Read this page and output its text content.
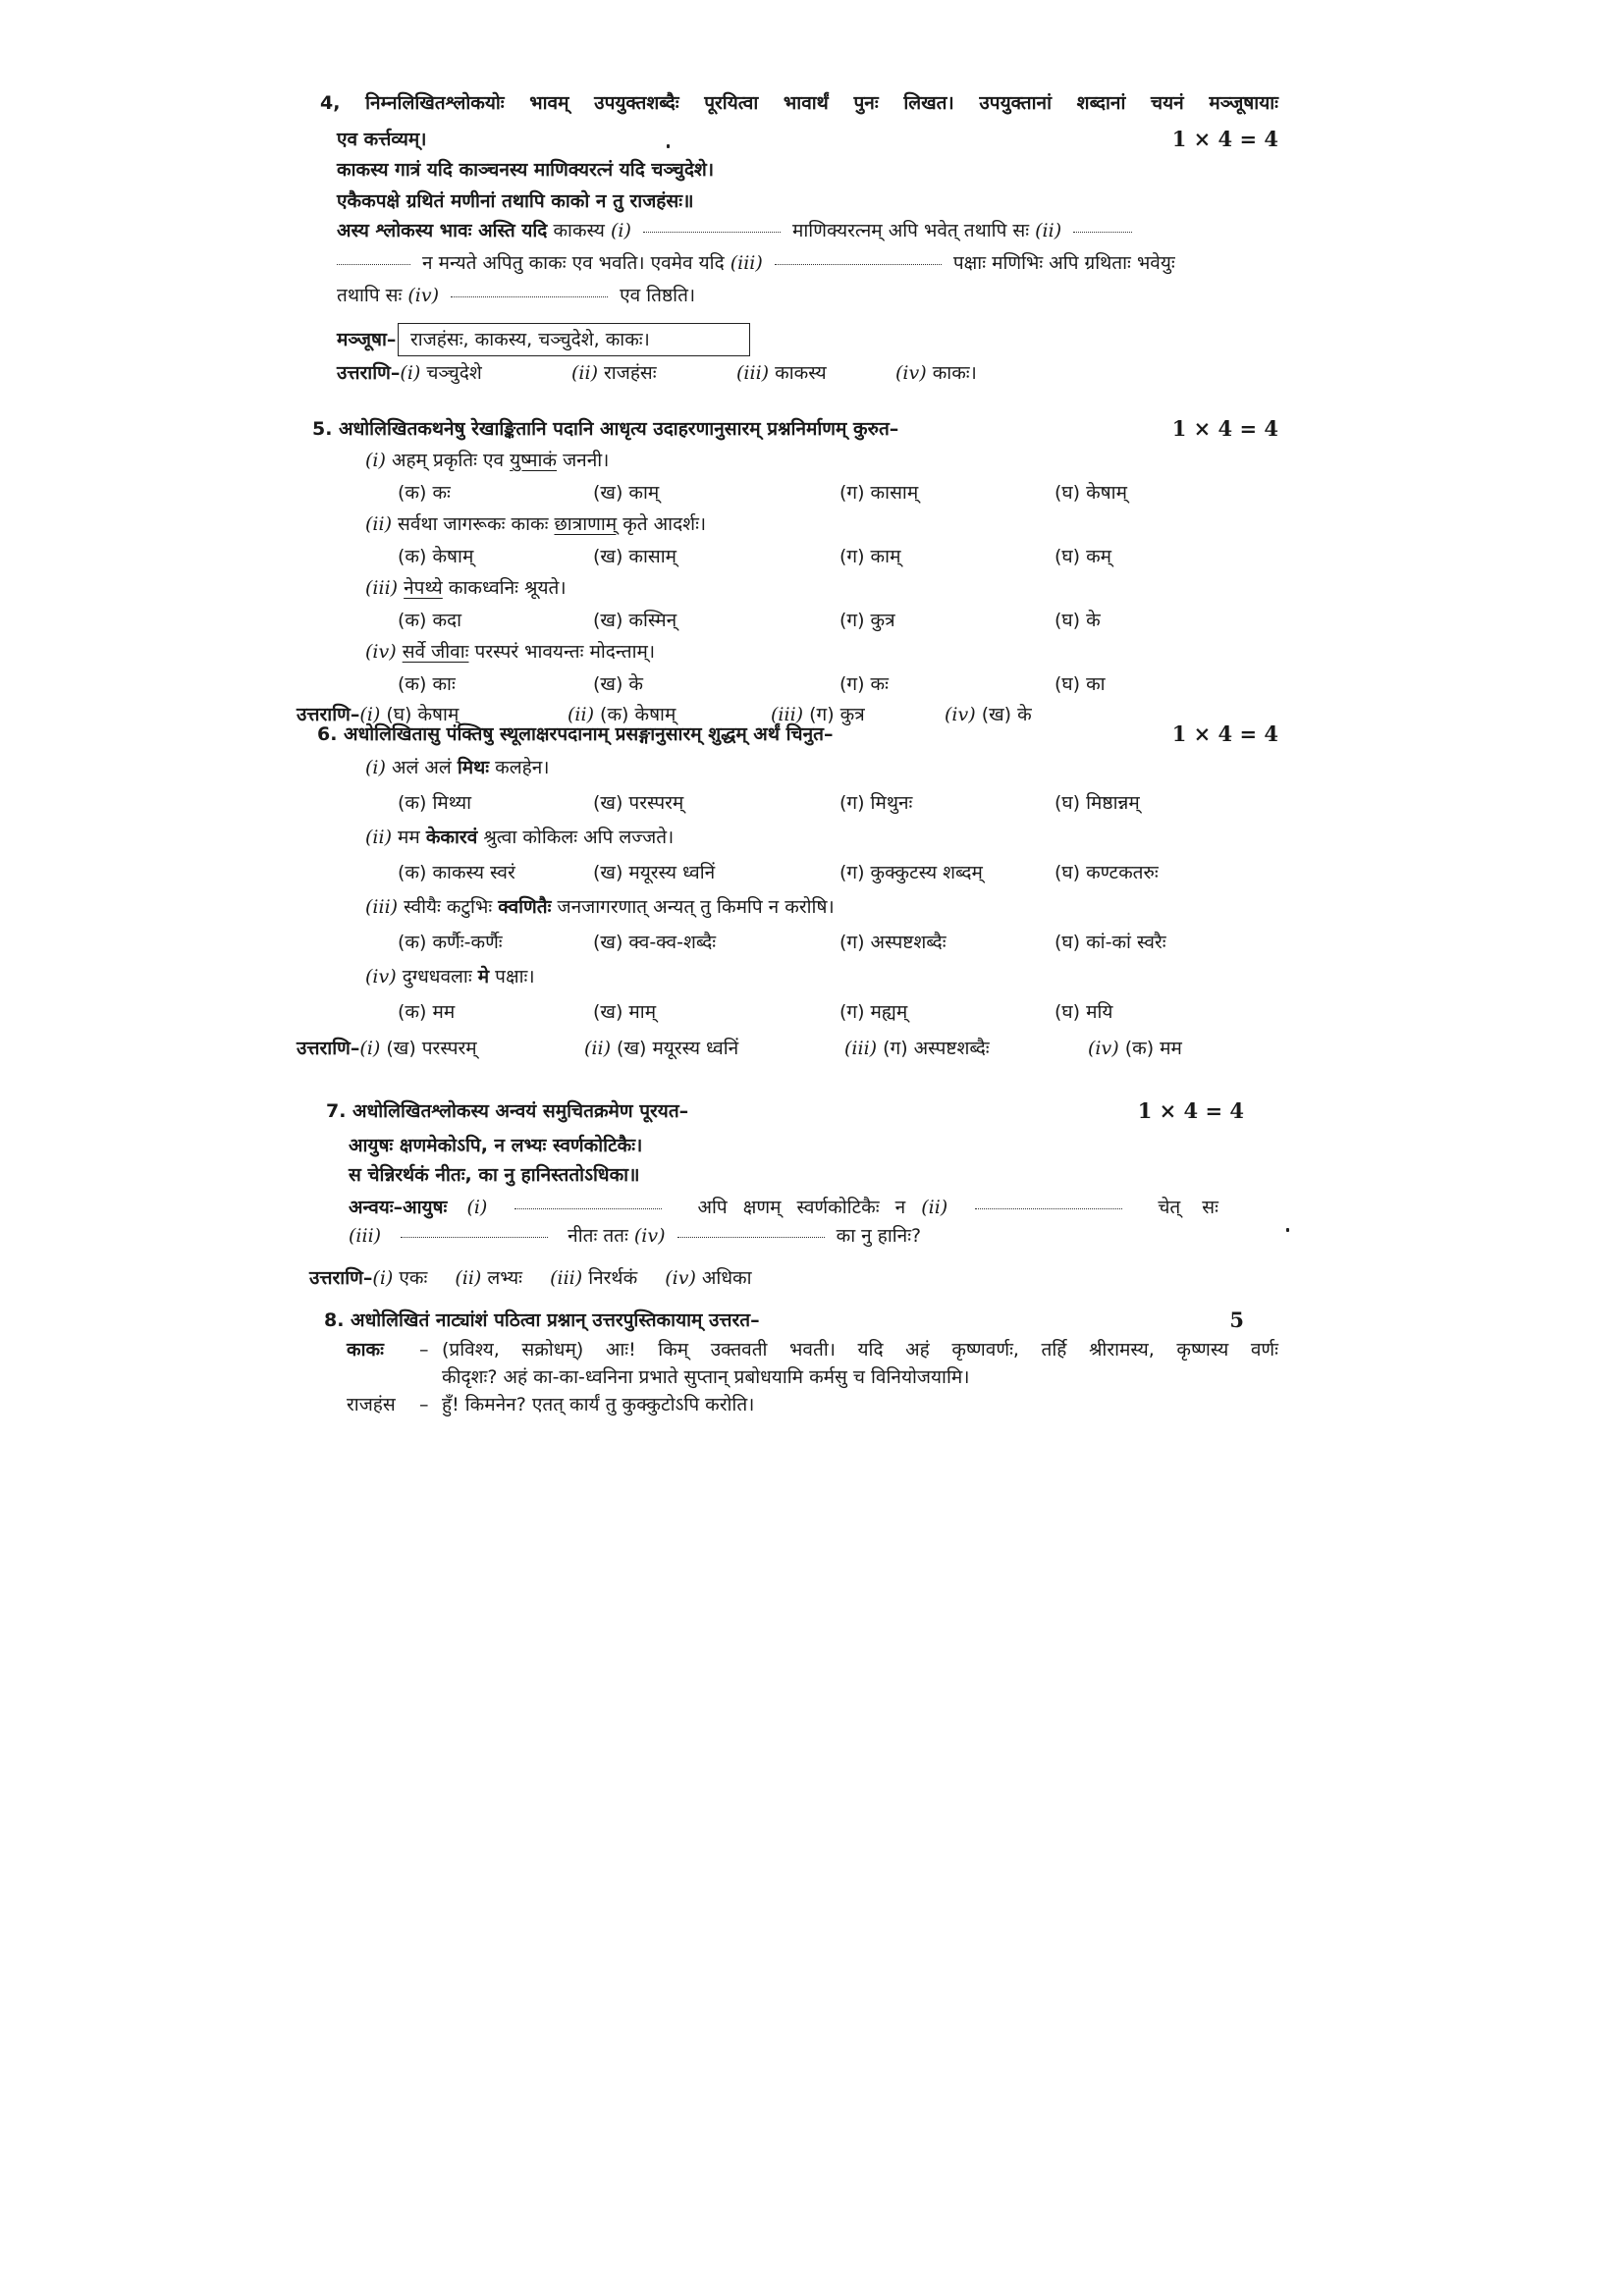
4, निम्नलिखितश्लोकयोः भावम् उपयुक्तशब्दैः पूरयित्वा भावार्थं पुनः लिखत। उपयुक्तानां शब्दानां चयनं मञ्जूषायाः
एव कर्त्तव्यम्।	1 × 4 = 4
काकस्य गात्रं यदि काञ्चनस्य माणिक्यरत्नं यदि चञ्चुदेशे।
एकैकपक्षे ग्रथितं मणीनां तथापि काको न तु राजहंसः॥
अस्य श्लोकस्य भावः अस्ति यदि काकस्य (i)	माणिक्यरत्नम् अपि भवेत् तथापि सः (ii)
न मन्यते अपितु काकः एव भवति। एवमेव यदि (iii)	पक्षाः मणिभिः अपि ग्रथिताः भवेयुः
तथापि सः (iv)	एव तिष्ठति।
मञ्जूषा– राजहंसः, काकस्य, चञ्चुदेशे, काकः।
उत्तराणि–(i) चञ्चुदेशे	(ii) राजहंसः	(iii) काकस्य	(iv) काकः।
5. अधोलिखितकथनेषु रेखाङ्कितानि पदानि आधृत्य उदाहरणानुसारम् प्रश्ननिर्माणम् कुरुत–	1 × 4 = 4
(i) अहम् प्रकृतिः एव युष्माकं जननी।
(क) कः	(ख) काम्	(ग) कासाम्	(घ) केषाम्
(ii) सर्वथा जागरूकः काकः छात्राणाम् कृते आदर्शः।
(क) केषाम्	(ख) कासाम्	(ग) काम्	(घ) कम्
(iii) नेपथ्ये काकध्वनिः श्रूयते।
(क) कदा	(ख) कस्मिन्	(ग) कुत्र	(घ) के
(iv) सर्वे जीवाः परस्परं भावयन्तः मोदन्ताम्।
(क) काः	(ख) के	(ग) कः	(घ) का
उत्तराणि–(i) (घ) केषाम्	(ii) (क) केषाम्	(iii) (ग) कुत्र	(iv) (ख) के
6. अधोलिखितासु पंक्तिषु स्थूलाक्षरपदानाम् प्रसङ्गानुसारम् शुद्धम् अर्थं चिनुत–	1 × 4 = 4
(i) अलं अलं मिथः कलहेन।
(क) मिथ्या	(ख) परस्परम्	(ग) मिथुनः	(घ) मिष्ठान्नम्
(ii) मम केकारवं श्रुत्वा कोकिलः अपि लज्जते।
(क) काकस्य स्वरं	(ख) मयूरस्य ध्वनिं	(ग) कुक्कुटस्य शब्दम्	(घ) कण्टकतरुः
(iii) स्वीयैः कटुभिः क्वणितैः जनजागरणात् अन्यत् तु किमपि न करोषि।
(क) कर्णैः-कर्णैः	(ख) क्व-क्व-शब्दैः	(ग) अस्पष्टशब्दैः	(घ) कां-कां स्वरैः
(iv) दुग्धधवलाः मे पक्षाः।
(क) मम	(ख) माम्	(ग) मह्यम्	(घ) मयि
उत्तराणि–(i) (ख) परस्परम्	(ii) (ख) मयूरस्य ध्वनिं	(iii) (ग) अस्पष्टशब्दैः	(iv) (क) मम
7. अधोलिखितश्लोकस्य अन्वयं समुचितक्रमेण पूरयत–	1 × 4 = 4
आयुषः क्षणमेकोऽपि, न लभ्यः स्वर्णकोटिकैः।
स चेन्निरर्थकं नीतः, का नु हानिस्ततोऽधिका॥
अन्वयः–आयुषः (i)	अपि क्षणम् स्वर्णकोटिकैः न (ii)	चेत् सः
(iii)	नीतः ततः (iv)	का नु हानिः?
उत्तराणि–(i) एकः (ii) लभ्यः (iii) निरर्थकं (iv) अधिका
8. अधोलिखितं नाट्यांशं पठित्वा प्रश्नान् उत्तरपुस्तिकायाम् उत्तरत–	5
काकः – (प्रविश्य, सक्रोधम्) आः! किम् उक्तवती भवती। यदि अहं कृष्णवर्णः, तर्हि श्रीरामस्य, कृष्णस्य वर्णः
कीदृशः? अहं का-का-ध्वनिना प्रभाते सुप्तान् प्रबोधयामि कर्मसु च विनियोजयामि।
राजहंस – हुँ! किमनेन? एतत् कार्यं तु कुक्कुटोऽपि करोति।
